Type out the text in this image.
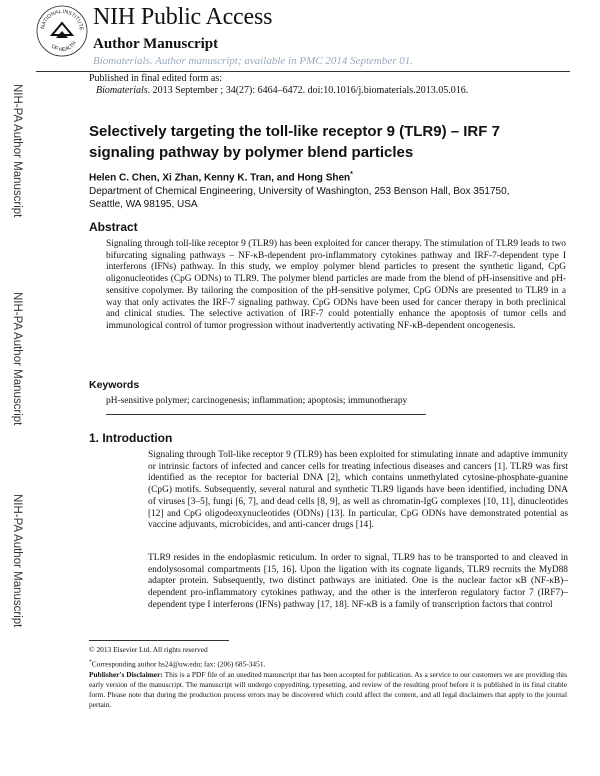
NATIONAL INSTITUTE
OF HEALTH
NIH Public Access
Author Manuscript
Biomaterials. Author manuscript; available in PMC 2014 September 01.
NIH-PA Author Manuscript
NIH-PA Author Manuscript
NIH-PA Author Manuscript
Published in final edited form as:
Biomaterials. 2013 September ; 34(27): 6464–6472. doi:10.1016/j.biomaterials.2013.05.016.
Selectively targeting the toll-like receptor 9 (TLR9) – IRF 7 signaling pathway by polymer blend particles
Helen C. Chen, Xi Zhan, Kenny K. Tran, and Hong Shen*
Department of Chemical Engineering, University of Washington, 253 Benson Hall, Box 351750, Seattle, WA 98195, USA
Abstract

Signaling through toll-like receptor 9 (TLR9) has been exploited for cancer therapy. The stimulation of TLR9 leads to two bifurcating signaling pathways – NF-κB-dependent pro-inflammatory cytokines pathway and IRF-7-dependent type I interferons (IFNs) pathway. In this study, we employ polymer blend particles to present the synthetic ligand, CpG oligonucleotides (CpG ODNs) to TLR9. The polymer blend particles are made from the blend of pH-insensitive and pH-sensitive copolymer. By tailoring the composition of the pH-sensitive polymer, CpG ODNs are presented to TLR9 in a way that only activates the IRF-7 signaling pathway. CpG ODNs have been used for cancer therapy in both preclinical and clinical studies. The selective activation of IRF-7 could potentially enhance the apoptosis of tumor cells and immunological control of tumor progression without inadvertently activating NF-κB-dependent oncogenesis.

Keywords
pH-sensitive polymer; carcinogenesis; inflammation; apoptosis; immunotherapy
1. Introduction

Signaling through Toll-like receptor 9 (TLR9) has been exploited for stimulating innate and adaptive immunity or intrinsic factors of infected and cancer cells for treating infectious diseases and cancers [1]. TLR9 was first identified as the receptor for bacterial DNA [2], which contains unmethylated cytosine-phosphate-guanine (CpG) motifs. Subsequently, several natural and synthetic TLR9 ligands have been identified, including DNA of viruses [3–5], fungi [6, 7], and dead cells [8, 9], as well as chromatin-IgG complexes [10, 11], dinucleotides [12] and CpG oligodeoxynucleotides (ODNs) [13]. In particular, CpG ODNs have demonstrated potential as vaccine adjuvants, microbicides, and anti-cancer drugs [14].

TLR9 resides in the endoplasmic reticulum. In order to signal, TLR9 has to be transported to and cleaved in endolysosomal compartments [15, 16]. Upon the ligation with its cognate ligands, TLR9 recruits the MyD88 adapter protein. Subsequently, two distinct pathways are initiated. One is the nuclear factor κB (NF-κB)–dependent pro-inflammatory cytokines pathway, and the other is the interferon regulatory factor 7 (IRF7)–dependent type I interferons (IFNs) pathway [17, 18]. NF-κB is a family of transcription factors that control

© 2013 Elsevier Ltd. All rights reserved

*Corresponding author hs24@uw.edu; fax: (206) 685-3451.

Publisher's Disclaimer: This is a PDF file of an unedited manuscript that has been accepted for publication. As a service to our customers we are providing this early version of the manuscript. The manuscript will undergo copyediting, typesetting, and review of the resulting proof before it is published in its final citable form. Please note that during the production process errors may be discovered which could affect the content, and all legal disclaimers that apply to the journal pertain.
